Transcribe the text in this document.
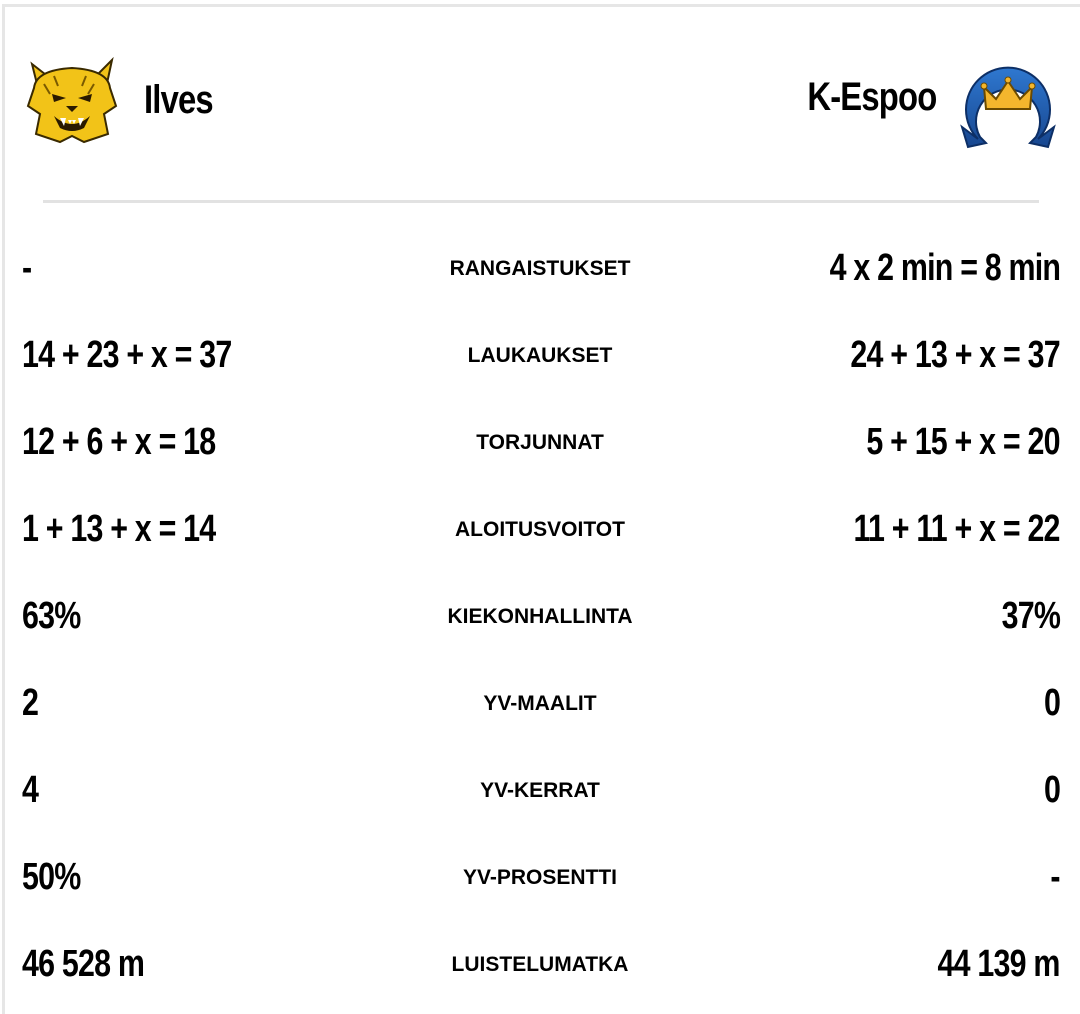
Ilves	K-Espoo
-	RANGAISTUKSET	4 x 2 min = 8 min
14 + 23 + x = 37	LAUKAUKSET	24 + 13 + x = 37
12 + 6 + x = 18	TORJUNNAT	5 + 15 + x = 20
1 + 13 + x = 14	ALOITUSVOITOT	11 + 11 + x = 22
63%	KIEKONHALLINTA	37%
2	YV-MAALIT	0
4	YV-KERRAT	0
50%	YV-PROSENTTI	-
46 528 m	LUISTELUMATKA	44 139 m
